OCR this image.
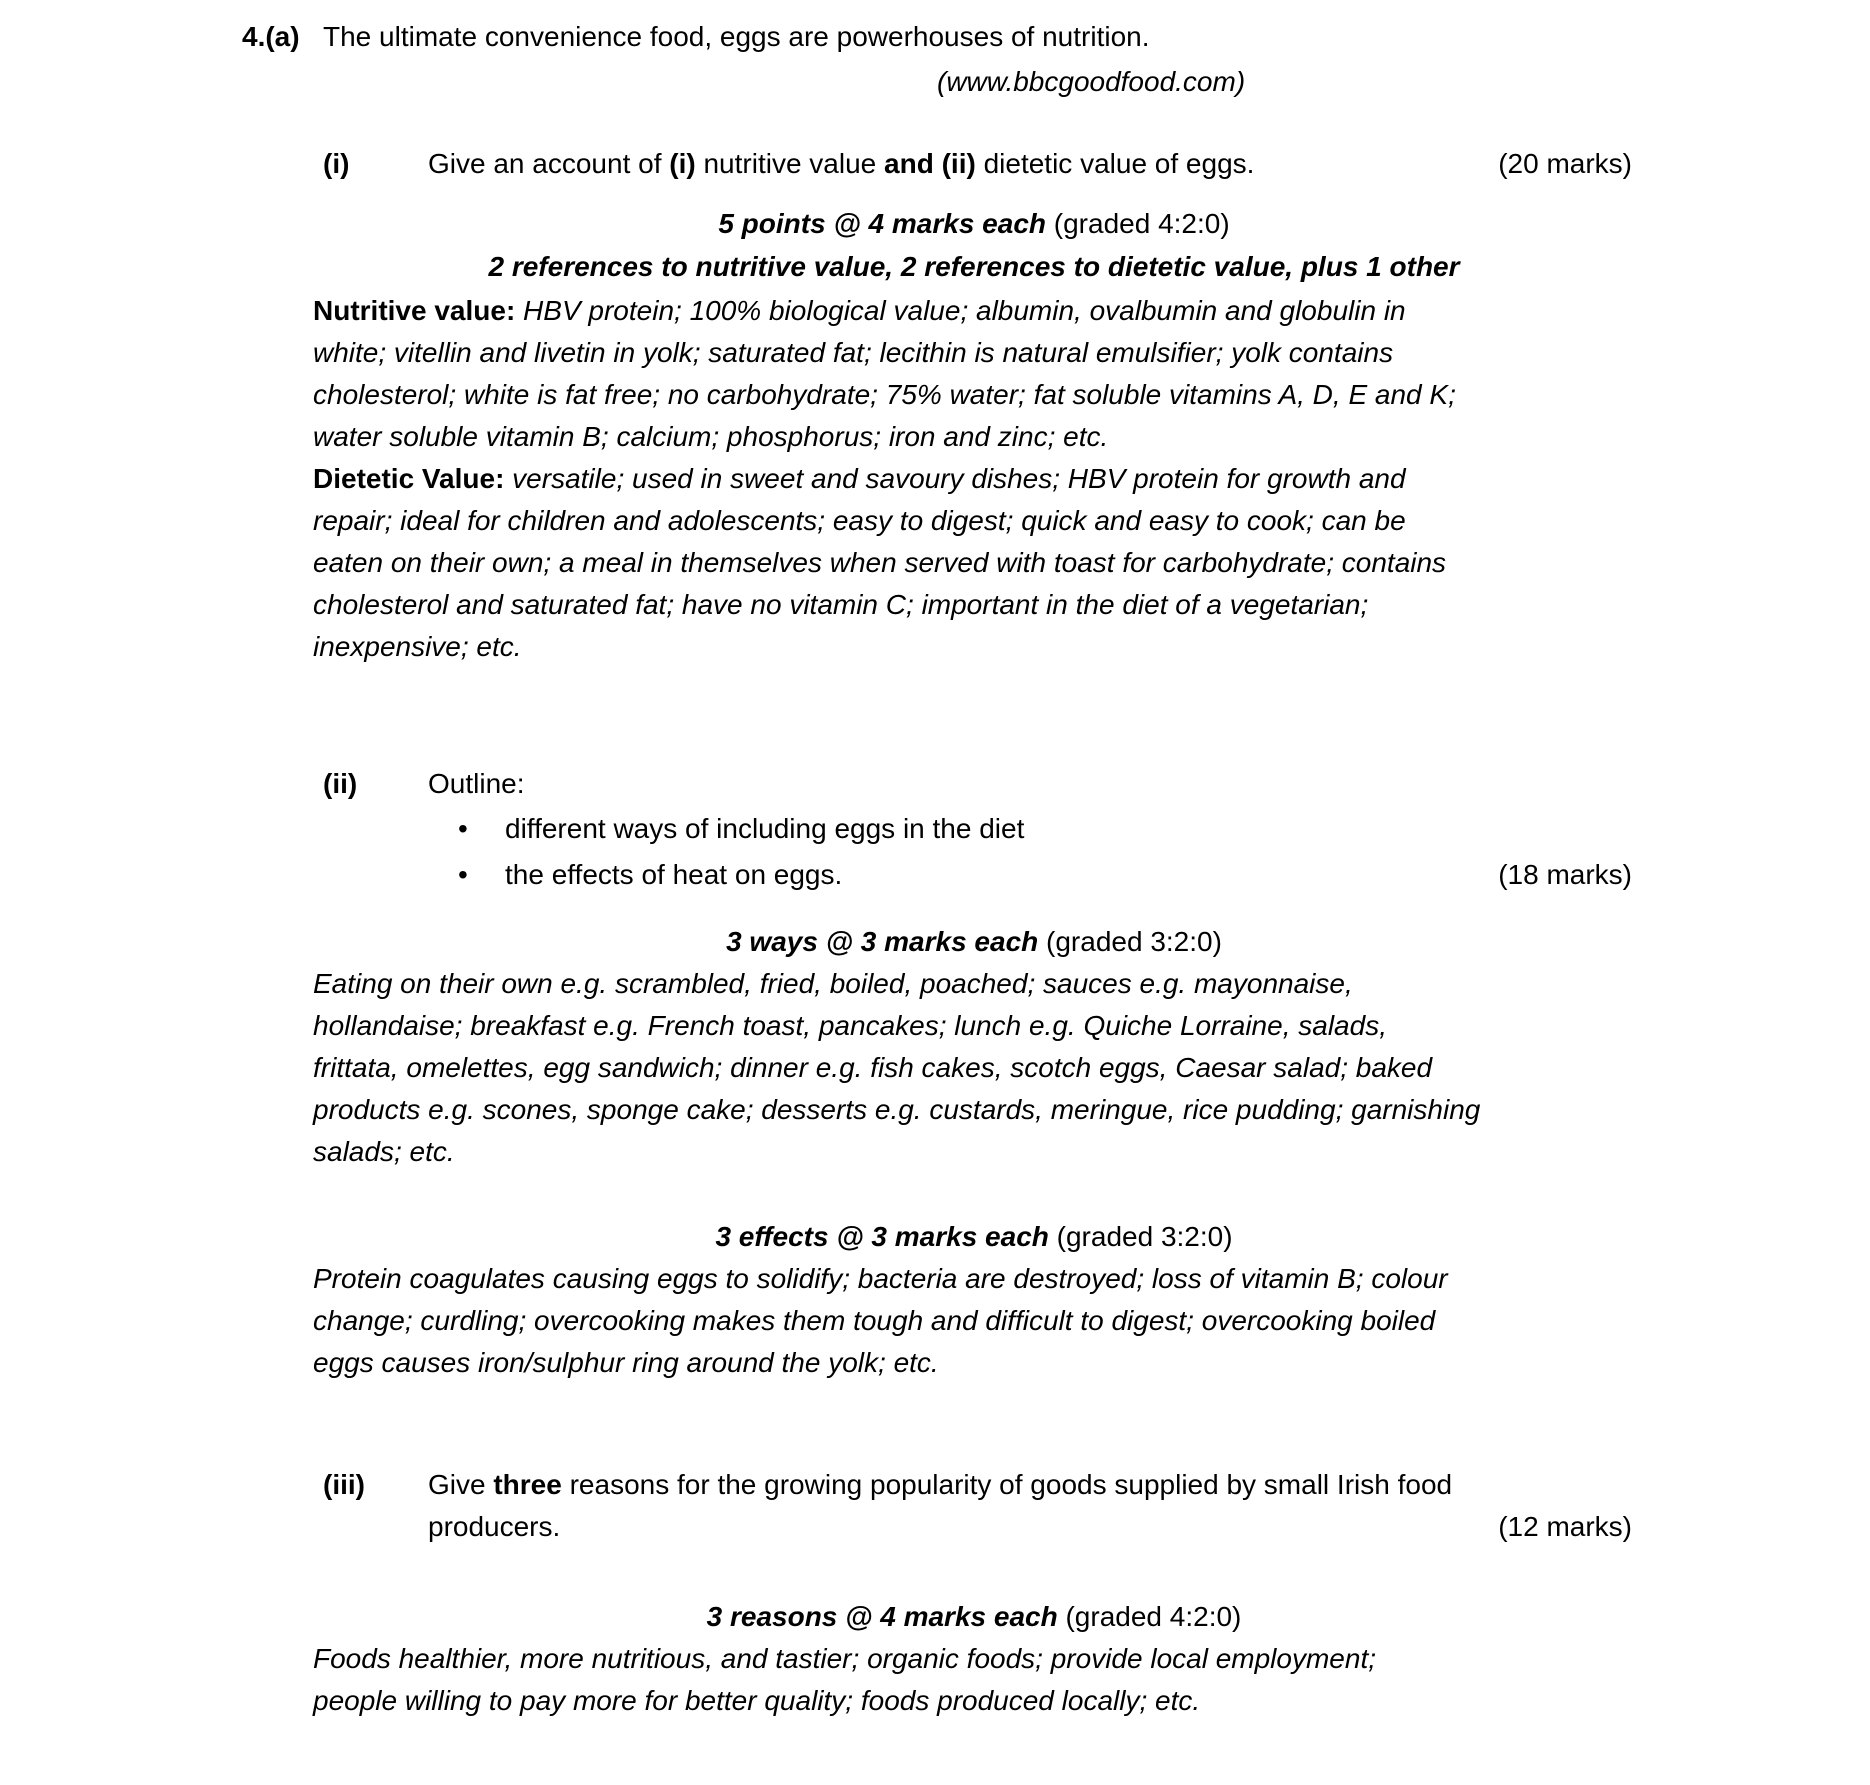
4.(a) The ultimate convenience food, eggs are powerhouses of nutrition.
(www.bbcgoodfood.com)
(i)	Give an account of (i) nutritive value and (ii) dietetic value of eggs.	(20 marks)
5 points @ 4 marks each (graded 4:2:0)
2 references to nutritive value, 2 references to dietetic value, plus 1 other
Nutritive value: HBV protein; 100% biological value; albumin, ovalbumin and globulin in
white; vitellin and livetin in yolk; saturated fat; lecithin is natural emulsifier; yolk contains
cholesterol; white is fat free; no carbohydrate; 75% water; fat soluble vitamins A, D, E and K;
water soluble vitamin B; calcium; phosphorus; iron and zinc; etc.
Dietetic Value: versatile; used in sweet and savoury dishes; HBV protein for growth and
repair; ideal for children and adolescents; easy to digest; quick and easy to cook; can be
eaten on their own; a meal in themselves when served with toast for carbohydrate; contains
cholesterol and saturated fat; have no vitamin C; important in the diet of a vegetarian;
inexpensive; etc.
(ii)	Outline:
• different ways of including eggs in the diet
• the effects of heat on eggs.	(18 marks)
3 ways @ 3 marks each (graded 3:2:0)
Eating on their own e.g. scrambled, fried, boiled, poached; sauces e.g. mayonnaise,
hollandaise; breakfast e.g. French toast, pancakes; lunch e.g. Quiche Lorraine, salads,
frittata, omelettes, egg sandwich; dinner e.g. fish cakes, scotch eggs, Caesar salad; baked
products e.g. scones, sponge cake; desserts e.g. custards, meringue, rice pudding; garnishing
salads; etc.
3 effects @ 3 marks each (graded 3:2:0)
Protein coagulates causing eggs to solidify; bacteria are destroyed; loss of vitamin B; colour
change; curdling; overcooking makes them tough and difficult to digest; overcooking boiled
eggs causes iron/sulphur ring around the yolk; etc.
(iii) Give three reasons for the growing popularity of goods supplied by small Irish food
producers.	(12 marks)
3 reasons @ 4 marks each (graded 4:2:0)
Foods healthier, more nutritious, and tastier; organic foods; provide local employment;
people willing to pay more for better quality; foods produced locally; etc.
